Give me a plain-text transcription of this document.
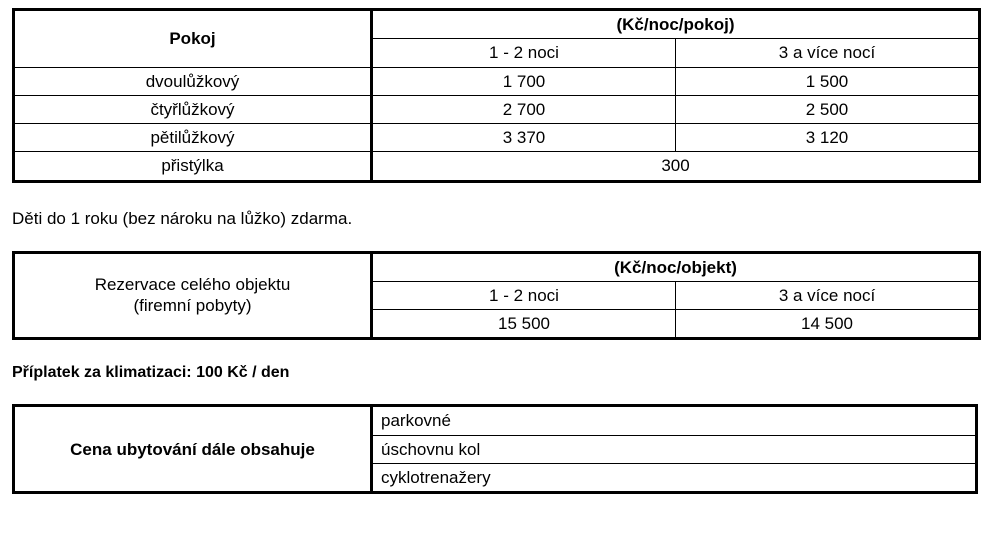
Pokoj	(Kč/noc/pokoj)	
	1 - 2 noci	3 a více nocí
dvoulůžkový	1 700	1 500
čtyřlůžkový	2 700	2 500
pětilůžkový	3 370	3 120
přistýlka	300	

Děti do 1 roku (bez nároku na lůžko) zdarma.

Rezervace celého objektu
(firemní pobyty)	(Kč/noc/objekt)	
	1 - 2 noci	3 a více nocí
	15 500	14 500

Příplatek za klimatizaci: 100 Kč / den

Cena ubytování dále obsahuje	parkovné
úschovnu kol
cyklotrenažery
